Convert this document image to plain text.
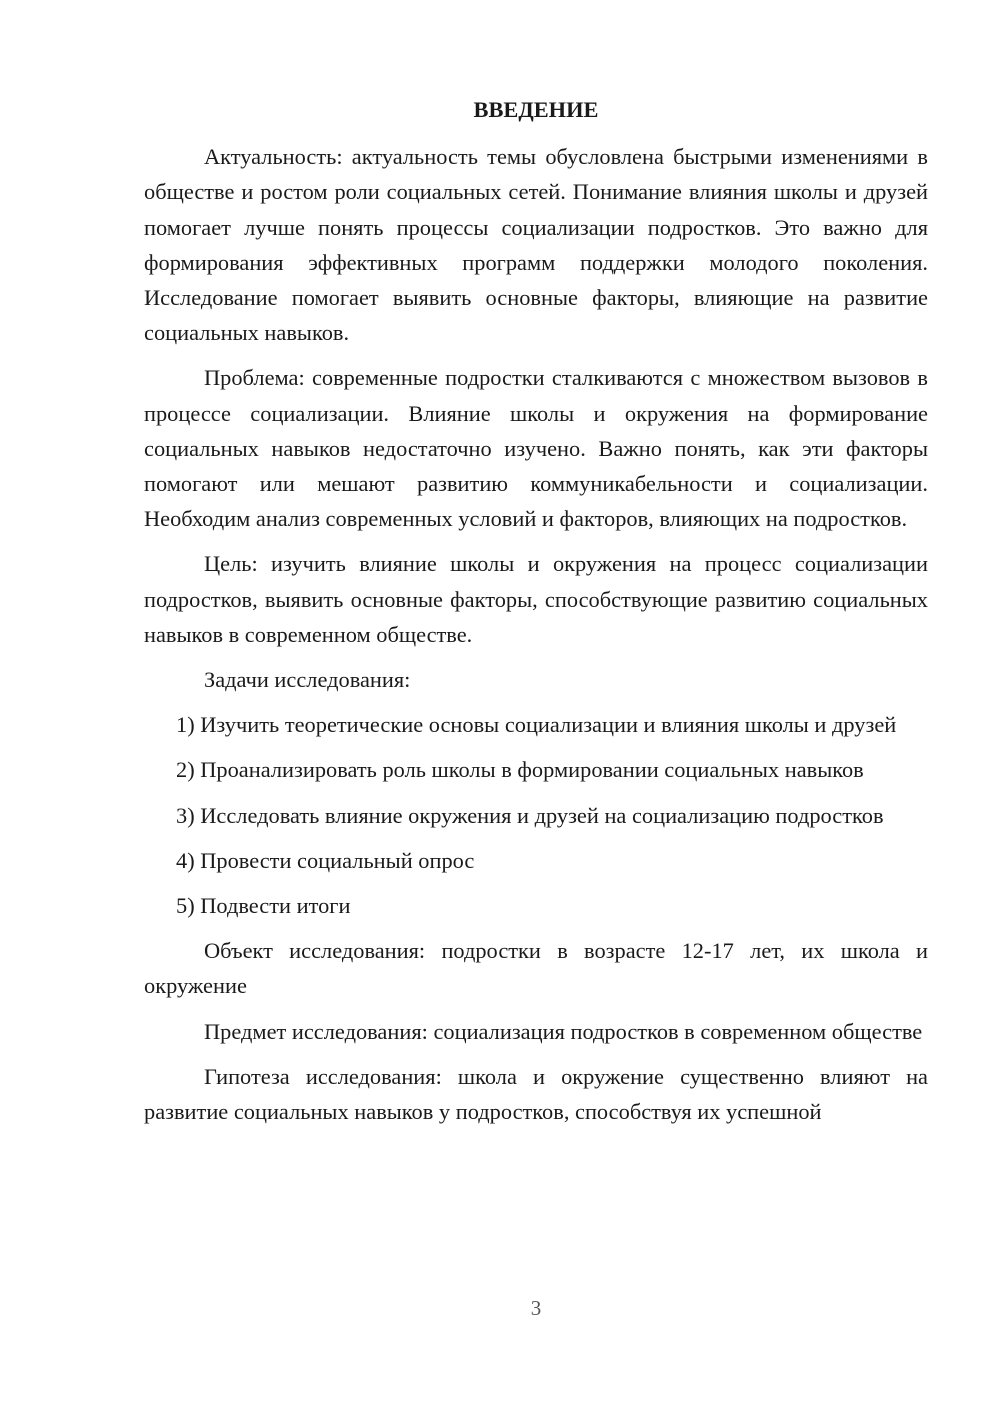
ВВЕДЕНИЕ

Актуальность: актуальность темы обусловлена быстрыми изменениями в обществе и ростом роли социальных сетей. Понимание влияния школы и друзей помогает лучше понять процессы социализации подростков. Это важно для формирования эффективных программ поддержки молодого поколения. Исследование помогает выявить основные факторы, влияющие на развитие социальных навыков.

Проблема: современные подростки сталкиваются с множеством вызовов в процессе социализации. Влияние школы и окружения на формирование социальных навыков недостаточно изучено. Важно понять, как эти факторы помогают или мешают развитию коммуникабельности и социализации. Необходим анализ современных условий и факторов, влияющих на подростков.

Цель: изучить влияние школы и окружения на процесс социализации подростков, выявить основные факторы, способствующие развитию социальных навыков в современном обществе.

Задачи исследования:

1) Изучить теоретические основы социализации и влияния школы и друзей

2) Проанализировать роль школы в формировании социальных навыков

3) Исследовать влияние окружения и друзей на социализацию подростков

4) Провести социальный опрос

5) Подвести итоги

Объект исследования: подростки в возрасте 12-17 лет, их школа и окружение

Предмет исследования: социализация подростков в современном обществе

Гипотеза исследования: школа и окружение существенно влияют на развитие социальных навыков у подростков, способствуя их успешной

3
